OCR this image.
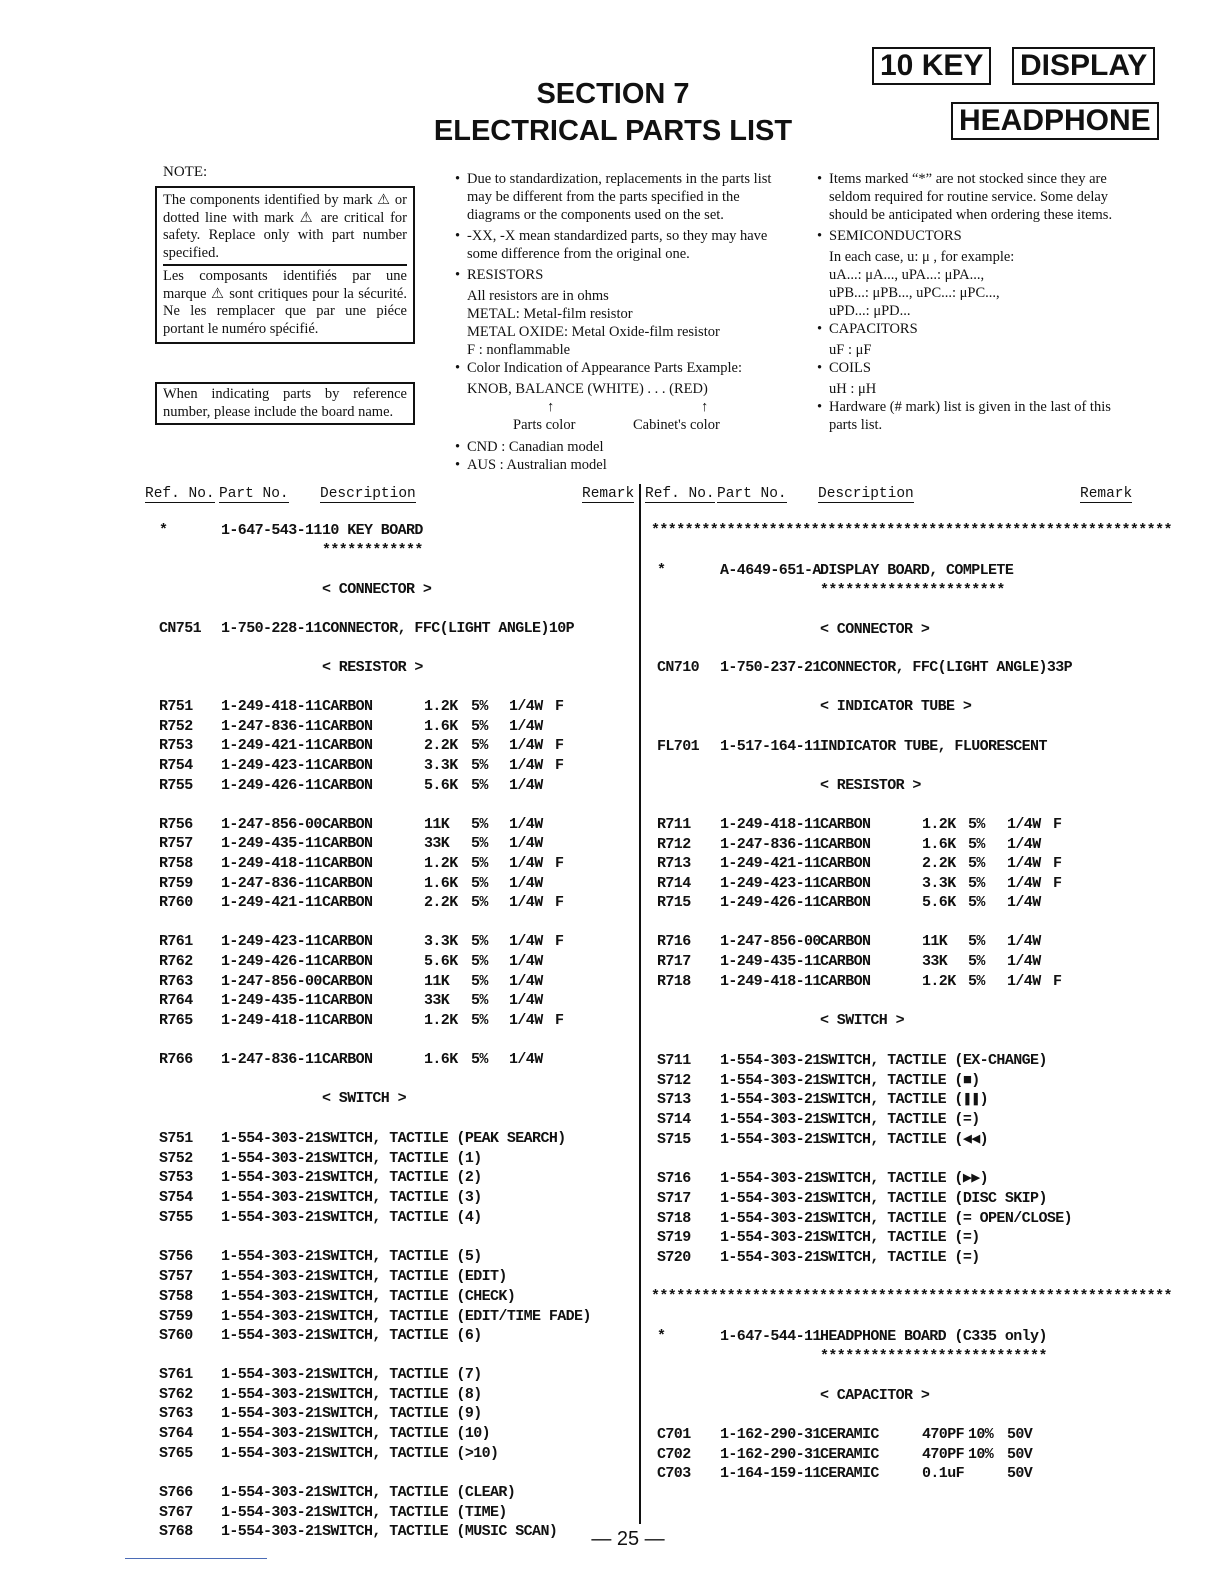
SECTION 7
ELECTRICAL PARTS LIST
10 KEY DISPLAY
HEADPHONE
NOTE:
The components identified by mark ⚠ or dotted line with mark ⚠ are critical for safety. Replace only with part number specified.
Les composants identifiés par une marque ⚠ sont critiques pour la sécurité. Ne les remplacer que par une piéce portant le numéro spécifié.
When indicating parts by reference number, please include the board name.
• Due to standardization, replacements in the parts list may be different from the parts specified in the diagrams or the components used on the set.
• -XX, -X mean standardized parts, so they may have some difference from the original one.
• RESISTORS
All resistors are in ohms
METAL: Metal-film resistor
METAL OXIDE: Metal Oxide-film resistor
F : nonflammable
• Color Indication of Appearance Parts Example:
KNOB, BALANCE (WHITE) . . . (RED)
↑	↑
Parts color	Cabinet's color
• CND : Canadian model
• AUS : Australian model
• Items marked “*” are not stocked since they are seldom required for routine service. Some delay should be anticipated when ordering these items.
• SEMICONDUCTORS
In each case, u: μ , for example:
uA...: μA..., uPA...: μPA...,
uPB...: μPB..., uPC...: μPC...,
uPD...: μPD...
• CAPACITORS
uF : μF
• COILS
uH : μH
• Hardware (# mark) list is given in the last of this parts list.
Ref. No. Part No. Description	Remark Ref. No. Part No. Description	Remark
*	1-647-543-11 10 KEY BOARD
************
< CONNECTOR >
CN751 1-750-228-11 CONNECTOR, FFC(LIGHT ANGLE)10P
< RESISTOR >
R751 1-249-418-11 CARBON	1.2K 5% 1/4W F
R752 1-247-836-11 CARBON	1.6K 5% 1/4W
R753 1-249-421-11 CARBON	2.2K 5% 1/4W F
R754 1-249-423-11 CARBON	3.3K 5% 1/4W F
R755 1-249-426-11 CARBON	5.6K 5% 1/4W
R756 1-247-856-00 CARBON	11K 5% 1/4W
R757 1-249-435-11 CARBON	33K 5% 1/4W
R758 1-249-418-11 CARBON	1.2K 5% 1/4W F
R759 1-247-836-11 CARBON	1.6K 5% 1/4W
R760 1-249-421-11 CARBON	2.2K 5% 1/4W F
R761 1-249-423-11 CARBON	3.3K 5% 1/4W F
R762 1-249-426-11 CARBON	5.6K 5% 1/4W
R763 1-247-856-00 CARBON	11K 5% 1/4W
R764 1-249-435-11 CARBON	33K 5% 1/4W
R765 1-249-418-11 CARBON	1.2K 5% 1/4W F
R766 1-247-836-11 CARBON	1.6K 5% 1/4W
< SWITCH >
S751 1-554-303-21 SWITCH, TACTILE (PEAK SEARCH)
S752 1-554-303-21 SWITCH, TACTILE (1)
S753 1-554-303-21 SWITCH, TACTILE (2)
S754 1-554-303-21 SWITCH, TACTILE (3)
S755 1-554-303-21 SWITCH, TACTILE (4)
S756 1-554-303-21 SWITCH, TACTILE (5)
S757 1-554-303-21 SWITCH, TACTILE (EDIT)
S758 1-554-303-21 SWITCH, TACTILE (CHECK)
S759 1-554-303-21 SWITCH, TACTILE (EDIT/TIME FADE)
S760 1-554-303-21 SWITCH, TACTILE (6)
S761 1-554-303-21 SWITCH, TACTILE (7)
S762 1-554-303-21 SWITCH, TACTILE (8)
S763 1-554-303-21 SWITCH, TACTILE (9)
S764 1-554-303-21 SWITCH, TACTILE (10)
S765 1-554-303-21 SWITCH, TACTILE (>10)
S766 1-554-303-21 SWITCH, TACTILE (CLEAR)
S767 1-554-303-21 SWITCH, TACTILE (TIME)
S768 1-554-303-21 SWITCH, TACTILE (MUSIC SCAN)
**************************************************************
*	A-4649-651-A DISPLAY BOARD, COMPLETE
**********************
< CONNECTOR >
CN710 1-750-237-21 CONNECTOR, FFC(LIGHT ANGLE)33P
< INDICATOR TUBE >
FL701 1-517-164-11 INDICATOR TUBE, FLUORESCENT
< RESISTOR >
R711 1-249-418-11 CARBON	1.2K 5% 1/4W F
R712 1-247-836-11 CARBON	1.6K 5% 1/4W
R713 1-249-421-11 CARBON	2.2K 5% 1/4W F
R714 1-249-423-11 CARBON	3.3K 5% 1/4W F
R715 1-249-426-11 CARBON	5.6K 5% 1/4W
R716 1-247-856-00 CARBON	11K 5% 1/4W
R717 1-249-435-11 CARBON	33K 5% 1/4W
R718 1-249-418-11 CARBON	1.2K 5% 1/4W F
< SWITCH >
S711 1-554-303-21 SWITCH, TACTILE (EX-CHANGE)
S712 1-554-303-21 SWITCH, TACTILE (■)
S713 1-554-303-21 SWITCH, TACTILE (❚❚)
S714 1-554-303-21 SWITCH, TACTILE (=)
S715 1-554-303-21 SWITCH, TACTILE (◀◀)
S716 1-554-303-21 SWITCH, TACTILE (▶▶)
S717 1-554-303-21 SWITCH, TACTILE (DISC SKIP)
S718 1-554-303-21 SWITCH, TACTILE (= OPEN/CLOSE)
S719 1-554-303-21 SWITCH, TACTILE (=)
S720 1-554-303-21 SWITCH, TACTILE (=)
**************************************************************
*	1-647-544-11 HEADPHONE BOARD (C335 only)
***************************
< CAPACITOR >
C701 1-162-290-31 CERAMIC	470PF 10% 50V
C702 1-162-290-31 CERAMIC	470PF 10% 50V
C703 1-164-159-11 CERAMIC	0.1uF	50V
— 25 —
